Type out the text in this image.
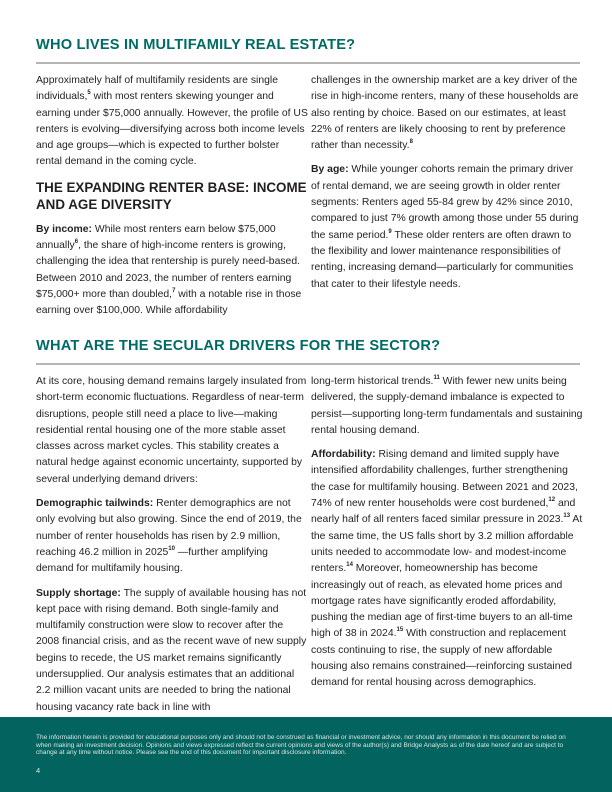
WHO LIVES IN MULTIFAMILY REAL ESTATE?

Approximately half of multifamily residents are single individuals,$^5$ with most renters skewing younger and earning under $75,000 annually. However, the profile of US renters is evolving—diversifying across both income levels and age groups—which is expected to further bolster rental demand in the coming cycle.

THE EXPANDING RENTER BASE: INCOME AND AGE DIVERSITY

By income: While most renters earn below $75,000 annually$^6$, the share of high-income renters is growing, challenging the idea that rentership is purely need-based. Between 2010 and 2023, the number of renters earning $75,000+ more than doubled,$^7$ with a notable rise in those earning over $100,000. While affordability

challenges in the ownership market are a key driver of the rise in high-income renters, many of these households are also renting by choice. Based on our estimates, at least 22% of renters are likely choosing to rent by preference rather than necessity.$^8$

By age: While younger cohorts remain the primary driver of rental demand, we are seeing growth in older renter segments: Renters aged 55-84 grew by 42% since 2010, compared to just 7% growth among those under 55 during the same period.$^9$ These older renters are often drawn to the flexibility and lower maintenance responsibilities of renting, increasing demand—particularly for communities that cater to their lifestyle needs.

WHAT ARE THE SECULAR DRIVERS FOR THE SECTOR?

At its core, housing demand remains largely insulated from short-term economic fluctuations. Regardless of near-term disruptions, people still need a place to live—making residential rental housing one of the more stable asset classes across market cycles. This stability creates a natural hedge against economic uncertainty, supported by several underlying demand drivers:

Demographic tailwinds: Renter demographics are not only evolving but also growing. Since the end of 2019, the number of renter households has risen by 2.9 million, reaching 46.2 million in 2025$^{10}$ —further amplifying demand for multifamily housing.

Supply shortage: The supply of available housing has not kept pace with rising demand. Both single-family and multifamily construction were slow to recover after the 2008 financial crisis, and as the recent wave of new supply begins to recede, the US market remains significantly undersupplied. Our analysis estimates that an additional 2.2 million vacant units are needed to bring the national housing vacancy rate back in line with

long-term historical trends.$^{11}$ With fewer new units being delivered, the supply-demand imbalance is expected to persist—supporting long-term fundamentals and sustaining rental housing demand.

Affordability: Rising demand and limited supply have intensified affordability challenges, further strengthening the case for multifamily housing. Between 2021 and 2023, 74% of new renter households were cost burdened,$^{12}$ and nearly half of all renters faced similar pressure in 2023.13 At the same time, the US falls short by 3.2 million affordable units needed to accommodate low- and modest-income renters.$^{14}$ Moreover, homeownership has become increasingly out of reach, as elevated home prices and mortgage rates have significantly eroded affordability, pushing the median age of first-time buyers to an all-time high of 38 in 2024.15 With construction and replacement costs continuing to rise, the supply of new affordable housing also remains constrained—reinforcing sustained demand for rental housing across demographics.

The information herein is provided for educational purposes only and should not be construed as financial or investment advice, nor should any information in this document be relied on when making an investment decision. Opinions and views expressed reflect the current opinions and views of the author(s) and Bridge Analysts as of the date hereof and are subject to change at any time without notice. Please see the end of this document for important disclosure information.

4
